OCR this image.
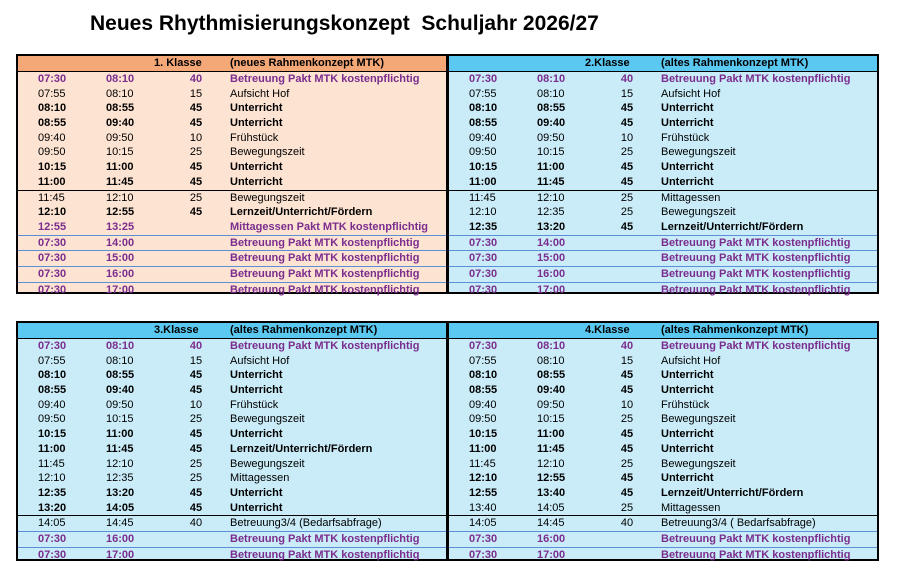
Neues Rhythmisierungskonzept  Schuljahr 2026/27
1. Klasse	(neues Rahmenkonzept MTK)
07:30	08:10	40	Betreuung Pakt MTK kostenpflichtig
07:55	08:10	15	Aufsicht Hof
08:10	08:55	45	Unterricht
08:55	09:40	45	Unterricht
09:40	09:50	10	Frühstück
09:50	10:15	25	Bewegungszeit
10:15	11:00	45	Unterricht
11:00	11:45	45	Unterricht
11:45	12:10	25	Bewegungszeit
12:10	12:55	45	Lernzeit/Unterricht/Fördern
12:55	13:25	Mittagessen Pakt MTK kostenpflichtig
07:30	14:00	Betreuung Pakt MTK kostenpflichtig
07:30	15:00	Betreuung Pakt MTK kostenpflichtig
07:30	16:00	Betreuung Pakt MTK kostenpflichtig
07:30	17:00	Betreuung Pakt MTK kostenpflichtig
2.Klasse	(altes Rahmenkonzept MTK)
07:30	08:10	40	Betreuung Pakt MTK kostenpflichtig
07:55	08:10	15	Aufsicht Hof
08:10	08:55	45	Unterricht
08:55	09:40	45	Unterricht
09:40	09:50	10	Frühstück
09:50	10:15	25	Bewegungszeit
10:15	11:00	45	Unterricht
11:00	11:45	45	Unterricht
11:45	12:10	25	Mittagessen
12:10	12:35	25	Bewegungszeit
12:35	13:20	45	Lernzeit/Unterricht/Fördern
07:30	14:00	Betreuung Pakt MTK kostenpflichtig
07:30	15:00	Betreuung Pakt MTK kostenpflichtig
07:30	16:00	Betreuung Pakt MTK kostenpflichtig
07:30	17:00	Betreuung Pakt MTK kostenpflichtig
3.Klasse	(altes Rahmenkonzept MTK)
07:30	08:10	40	Betreuung Pakt MTK kostenpflichtig
07:55	08:10	15	Aufsicht Hof
08:10	08:55	45	Unterricht
08:55	09:40	45	Unterricht
09:40	09:50	10	Frühstück
09:50	10:15	25	Bewegungszeit
10:15	11:00	45	Unterricht
11:00	11:45	45	Lernzeit/Unterricht/Fördern
11:45	12:10	25	Bewegungszeit
12:10	12:35	25	Mittagessen
12:35	13:20	45	Unterricht
13:20	14:05	45	Unterricht
14:05	14:45	40	Betreuung3/4 (Bedarfsabfrage)
07:30	16:00	Betreuung Pakt MTK kostenpflichtig
07:30	17:00	Betreuung Pakt MTK kostenpflichtig
4.Klasse	(altes Rahmenkonzept MTK)
07:30	08:10	40	Betreuung Pakt MTK kostenpflichtig
07:55	08:10	15	Aufsicht Hof
08:10	08:55	45	Unterricht
08:55	09:40	45	Unterricht
09:40	09:50	10	Frühstück
09:50	10:15	25	Bewegungszeit
10:15	11:00	45	Unterricht
11:00	11:45	45	Unterricht
11:45	12:10	25	Bewegungszeit
12:10	12:55	45	Unterricht
12:55	13:40	45	Lernzeit/Unterricht/Fördern
13:40	14:05	25	Mittagessen
14:05	14:45	40	Betreuung3/4 ( Bedarfsabfrage)
07:30	16:00	Betreuung Pakt MTK kostenpflichtig
07:30	17:00	Betreuung Pakt MTK kostenpflichtig
